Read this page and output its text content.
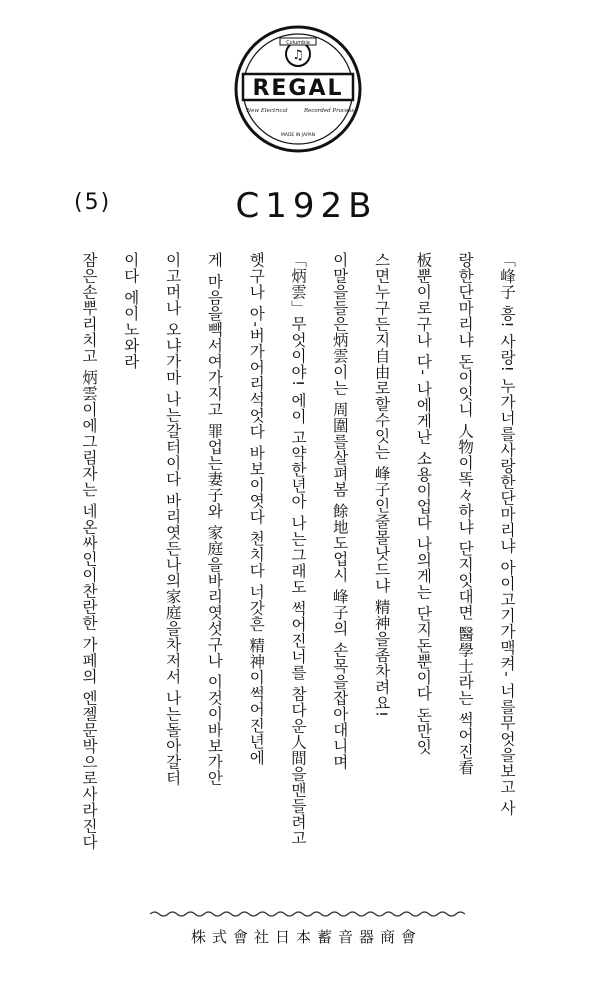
♫
Columbia
REGAL
New Electrical	Recorded Process
MADE IN JAPAN
(5)	C192B
「峰子 흥! 사랑! 누가너를사랑한단마리냐 아이고기가맥켜- 너를무엇을보고 사
랑한단마리냐 돈이잇니 人物이똑々하냐 단지잇대면 醫學士라는 썩어진看
板뿐이로구나 다- 나에게난 소용이업다 나의게는 단지돈뿐이다 돈만잇
스면누구든지自由로할수잇는 峰子인줄몰낫드냐 精神을좀차려요!
이말을들은炳雲이는 周圍를살펴봄 餘地도업시 峰子의 손목을잡아대니며
「炳雲」무엇이야! 에이 고약한년아 나는그래도 썩어진너를 참다운人間을맨들려고
햇구나 아-버가어리석엇다 바보이엿다 천치다 너갓흔 精神이썩어진년에
게 마음을빽서여가지고 罪업는妻子와 家庭을바리엿섯구나 이것이바보가안
이고머나 오냐가마 나는갈터이다 바리엿든나의家庭을차저서 나는돌아갈터
이다 에이노와라
잠은손뿌리치고 炳雲이에그림자는 네온싸인이찬란한 가페의 엔젤문박으로사라진다
株式會社日本蓄音器商會
